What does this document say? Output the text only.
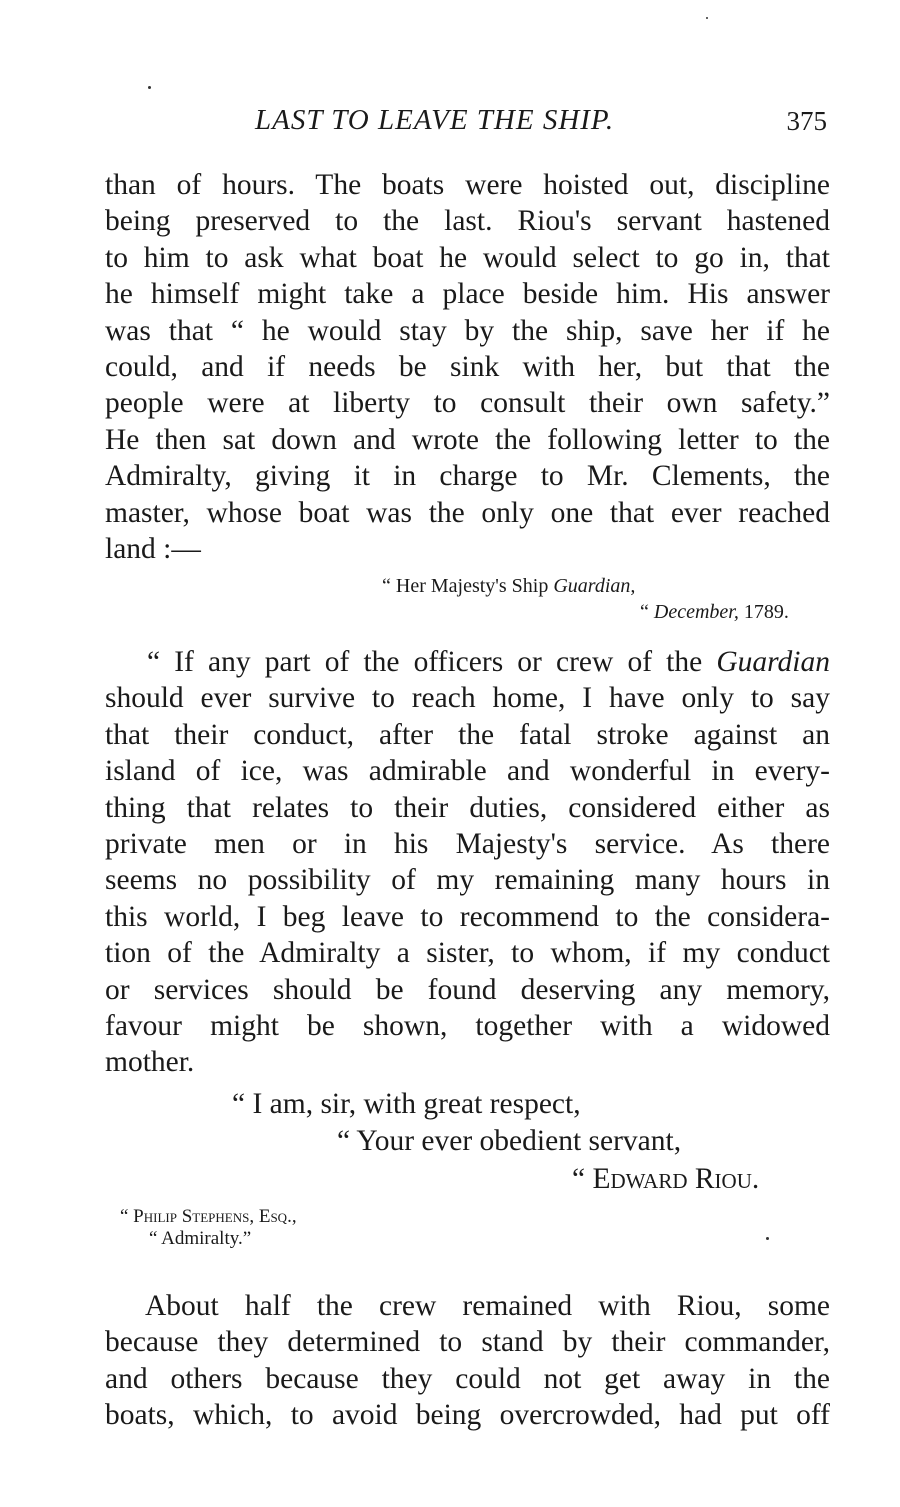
LAST TO LEAVE THE SHIP.	375
than of hours. The boats were hoisted out, discipline
being preserved to the last. Riou's servant hastened
to him to ask what boat he would select to go in, that
he himself might take a place beside him. His answer
was that “ he would stay by the ship, save her if he
could, and if needs be sink with her, but that the
people were at liberty to consult their own safety.”
He then sat down and wrote the following letter to the
Admiralty, giving it in charge to Mr. Clements, the
master, whose boat was the only one that ever reached
land :—
“ Her Majesty's Ship Guardian,
“ December, 1789.
“ If any part of the officers or crew of the Guardian
should ever survive to reach home, I have only to say
that their conduct, after the fatal stroke against an
island of ice, was admirable and wonderful in every-
thing that relates to their duties, considered either as
private men or in his Majesty's service. As there
seems no possibility of my remaining many hours in
this world, I beg leave to recommend to the considera-
tion of the Admiralty a sister, to whom, if my conduct
or services should be found deserving any memory,
favour might be shown, together with a widowed
mother.
“ I am, sir, with great respect,
“ Your ever obedient servant,
“ Edward Riou.
“ Philip Stephens, Esq.,
“ Admiralty.”
About half the crew remained with Riou, some
because they determined to stand by their commander,
and others because they could not get away in the
boats, which, to avoid being overcrowded, had put off
